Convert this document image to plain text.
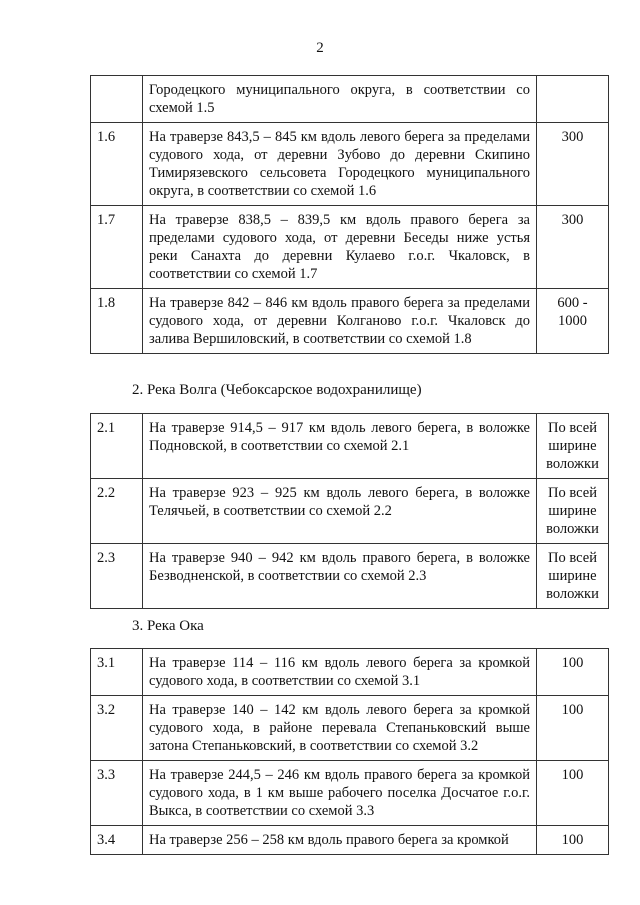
2
	Городецкого муниципального округа, в соответствии со схемой 1.5	
1.6	На траверзе 843,5 – 845 км вдоль левого берега за пределами судового хода, от деревни Зубово до деревни Скипино Тимирязевского сельсовета Городецкого муниципального округа, в соответствии со схемой 1.6	300
1.7	На траверзе 838,5 – 839,5 км вдоль правого берега за пределами судового хода, от деревни Беседы ниже устья реки Санахта до деревни Кулаево г.о.г. Чкаловск, в соответствии со схемой 1.7	300
1.8	На траверзе 842 – 846 км вдоль правого берега за пределами судового хода, от деревни Колганово г.о.г. Чкаловск до залива Вершиловский, в соответствии со схемой 1.8	600 - 1000
2. Река Волга (Чебоксарское водохранилище)
2.1	На траверзе 914,5 – 917 км вдоль левого берега, в воложке Подновской, в соответствии со схемой 2.1	По всей ширине воложки
2.2	На траверзе 923 – 925 км вдоль левого берега, в воложке Телячьей, в соответствии со схемой 2.2	По всей ширине воложки
2.3	На траверзе 940 – 942 км вдоль правого берега, в воложке Безводненской, в соответствии со схемой 2.3	По всей ширине воложки
3. Река Ока
3.1	На траверзе 114 – 116 км вдоль левого берега за кромкой судового хода, в соответствии со схемой 3.1	100
3.2	На траверзе 140 – 142 км вдоль левого берега за кромкой судового хода, в районе перевала Степаньковский выше затона Степаньковский, в соответствии со схемой 3.2	100
3.3	На траверзе 244,5 – 246 км вдоль правого берега за кромкой судового хода, в 1 км выше рабочего поселка Досчатое г.о.г. Выкса, в соответствии со схемой 3.3	100
3.4	На траверзе 256 – 258 км вдоль правого берега за кромкой	100
